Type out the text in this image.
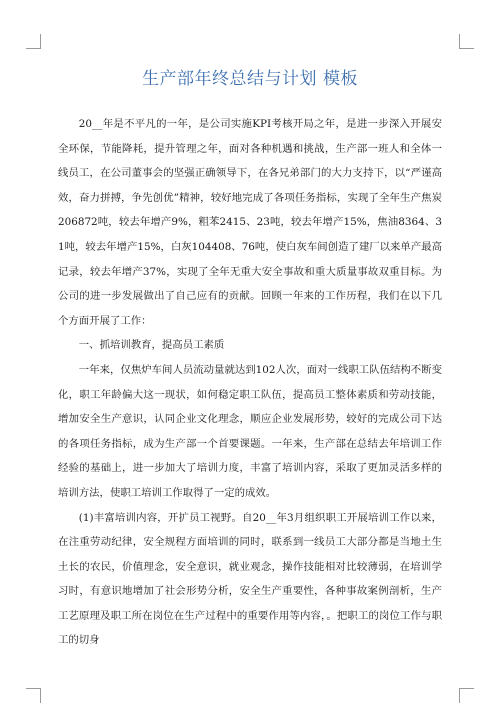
生产部年终总结与计划 模板

20__年是不平凡的一年，是公司实施KPI考核开局之年，是进一步深入开展安全环保，节能降耗，提升管理之年，面对各种机遇和挑战，生产部一班人和全体一线员工，在公司董事会的坚强正确领导下，在各兄弟部门的大力支持下，以“严谨高效，奋力拼搏，争先创优”精神，较好地完成了各项任务指标，实现了全年生产焦炭206872吨，较去年增产9%，粗苯2415、23吨，较去年增产15%，焦油8364、31吨，较去年增产15%，白灰104408、76吨，使白灰车间创造了建厂以来单产最高记录，较去年增产37%，实现了全年无重大安全事故和重大质量事故双重目标。为公司的进一步发展做出了自己应有的贡献。回顾一年来的工作历程，我们在以下几个方面开展了工作：

一、抓培训教育，提高员工素质

一年来，仅焦炉车间人员流动量就达到102人次，面对一线职工队伍结构不断变化，职工年龄偏大这一现状，如何稳定职工队伍，提高员工整体素质和劳动技能，增加安全生产意识，认同企业文化理念，顺应企业发展形势，较好的完成公司下达的各项任务指标，成为生产部一个首要课题。一年来，生产部在总结去年培训工作经验的基础上，进一步加大了培训力度，丰富了培训内容，采取了更加灵活多样的培训方法，使职工培训工作取得了一定的成效。

(1)丰富培训内容，开扩员工视野。自20__年3月组织职工开展培训工作以来，在注重劳动纪律，安全规程方面培训的同时，联系到一线员工大部分都是当地土生土长的农民，价值理念，安全意识，就业观念，操作技能相对比较薄弱，在培训学习时，有意识地增加了社会形势分析，安全生产重要性，各种事故案例剖析，生产工艺原理及职工所在岗位在生产过程中的重要作用等内容，。把职工的岗位工作与职工的切身
